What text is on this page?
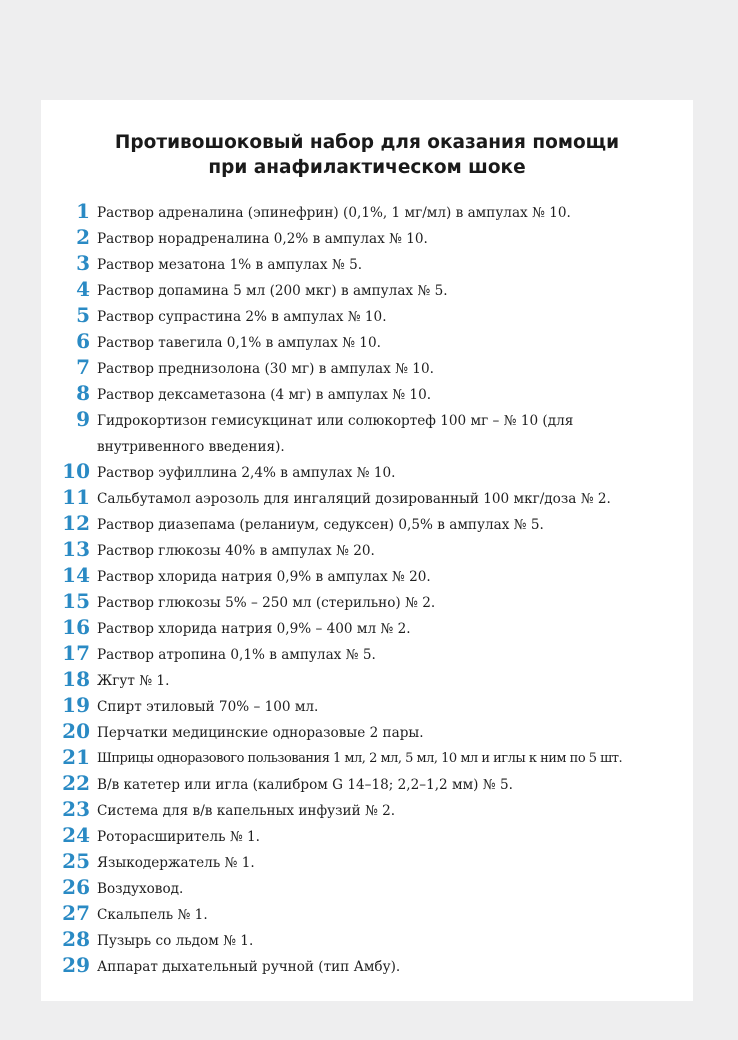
Противошоковый набор для оказания помощи
при анафилактическом шоке
1 Раствор адреналина (эпинефрин) (0,1%, 1 мг/мл) в ампулах № 10.
2 Раствор норадреналина 0,2% в ампулах № 10.
3 Раствор мезатона 1% в ампулах № 5.
4 Раствор допамина 5 мл (200 мкг) в ампулах № 5.
5 Раствор супрастина 2% в ампулах № 10.
6 Раствор тавегила 0,1% в ампулах № 10.
7 Раствор преднизолона (30 мг) в ампулах № 10.
8 Раствор дексаметазона (4 мг) в ампулах № 10.
9 Гидрокортизон гемисукцинат или солюкортеф 100 мг – № 10 (для внутривенного введения).
10 Раствор эуфиллина 2,4% в ампулах № 10.
11 Сальбутамол аэрозоль для ингаляций дозированный 100 мкг/доза № 2.
12 Раствор диазепама (реланиум, седуксен) 0,5% в ампулах № 5.
13 Раствор глюкозы 40% в ампулах № 20.
14 Раствор хлорида натрия 0,9% в ампулах № 20.
15 Раствор глюкозы 5% – 250 мл (стерильно) № 2.
16 Раствор хлорида натрия 0,9% – 400 мл № 2.
17 Раствор атропина 0,1% в ампулах № 5.
18 Жгут № 1.
19 Спирт этиловый 70% – 100 мл.
20 Перчатки медицинские одноразовые 2 пары.
21 Шприцы одноразового пользования 1 мл, 2 мл, 5 мл, 10 мл и иглы к ним по 5 шт.
22 В/в катетер или игла (калибром G 14–18; 2,2–1,2 мм) № 5.
23 Система для в/в капельных инфузий № 2.
24 Роторасширитель № 1.
25 Языкодержатель № 1.
26 Воздуховод.
27 Скальпель № 1.
28 Пузырь со льдом № 1.
29 Аппарат дыхательный ручной (тип Амбу).
